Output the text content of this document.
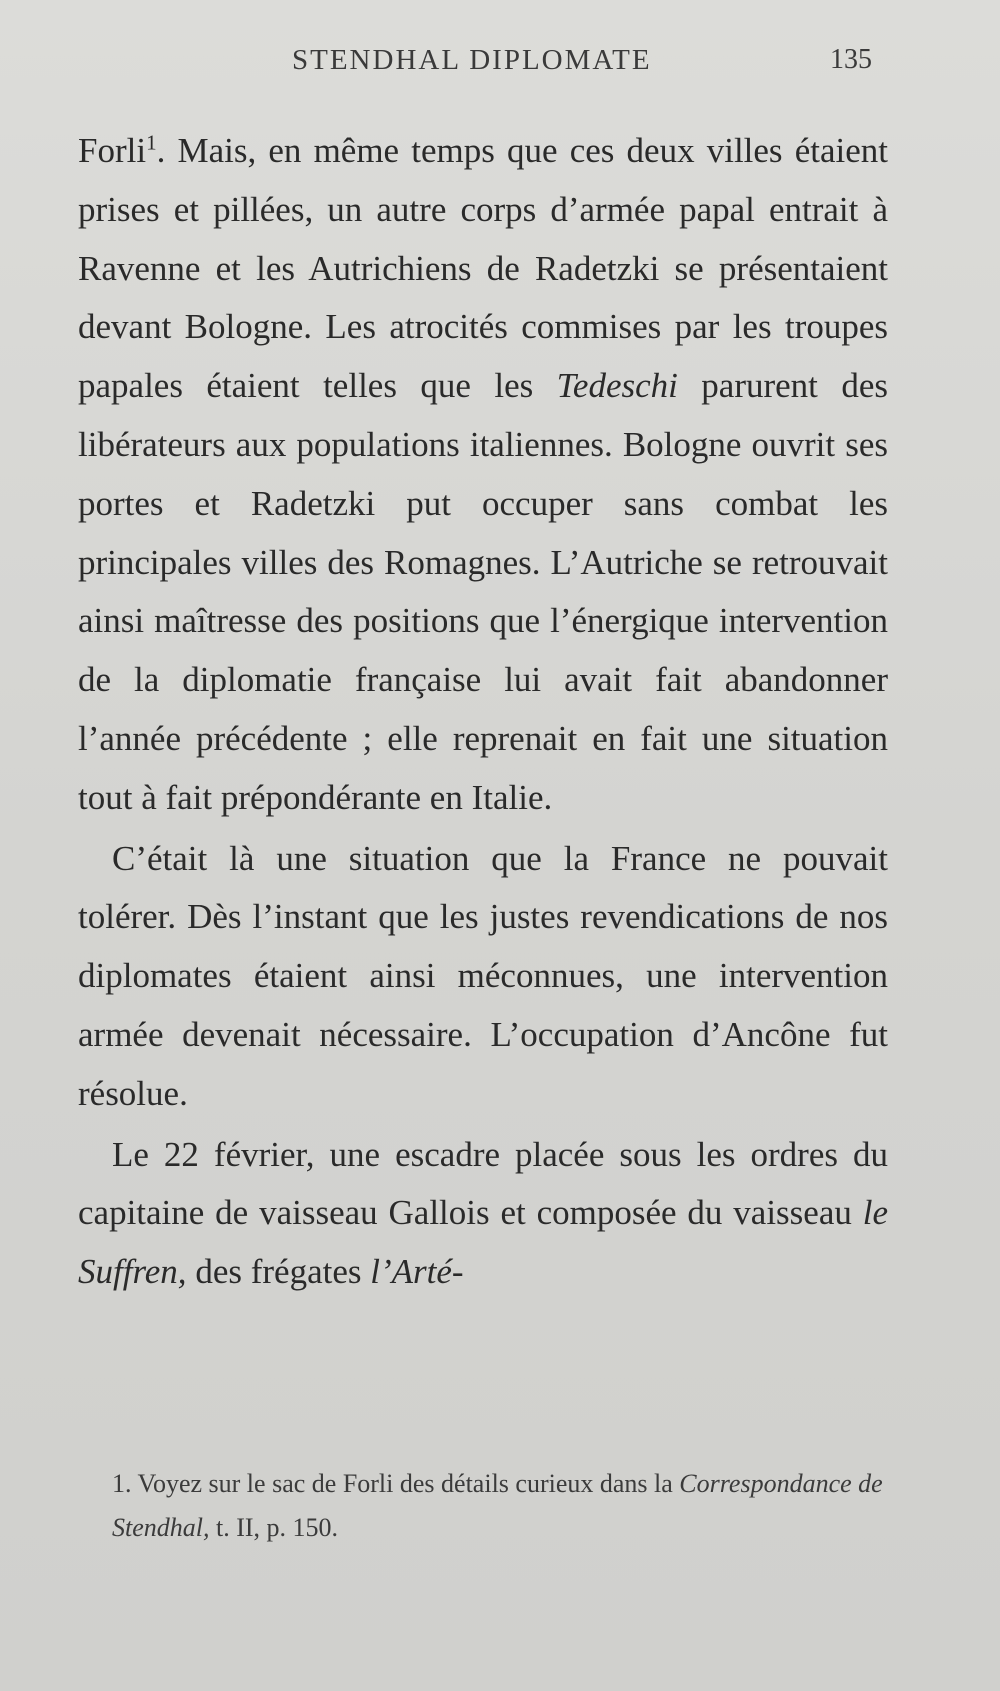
STENDHAL DIPLOMATE	135

Forli$^1$. Mais, en même temps que ces deux villes étaient prises et pillées, un autre corps d’armée papal entrait à Ravenne et les Autrichiens de Radetzki se présentaient devant Bologne. Les atrocités commises par les troupes papales étaient telles que les Tedeschi parurent des libérateurs aux populations italiennes. Bologne ouvrit ses portes et Radetzki put occuper sans combat les principales villes des Romagnes. L’Autriche se retrouvait ainsi maîtresse des positions que l’énergique intervention de la diplomatie française lui avait fait abandonner l’année précédente ; elle reprenait en fait une situation tout à fait prépondérante en Italie.

C’était là une situation que la France ne pouvait tolérer. Dès l’instant que les justes revendications de nos diplomates étaient ainsi méconnues, une intervention armée devenait nécessaire. L’occupation d’Ancône fut résolue.

Le 22 février, une escadre placée sous les ordres du capitaine de vaisseau Gallois et composée du vaisseau le Suffren, des frégates l’Arté-

1. Voyez sur le sac de Forli des détails curieux dans la Correspondance de Stendhal, t. II, p. 150.
